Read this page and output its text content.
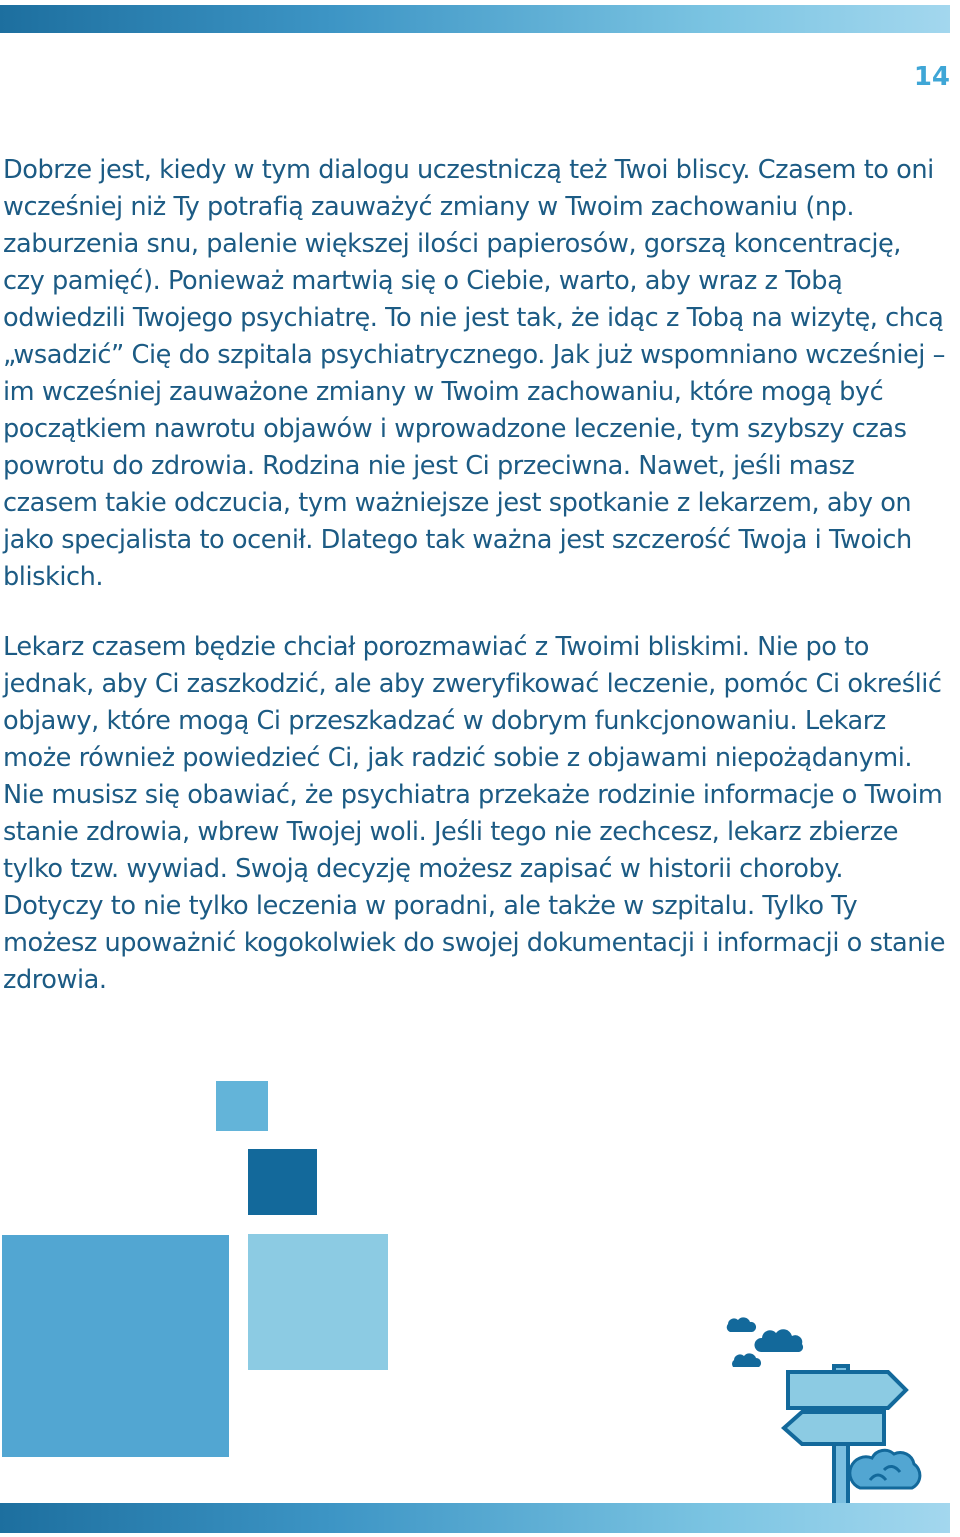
14

Dobrze jest, kiedy w tym dialogu uczestniczą też Twoi bliscy. Czasem to oni wcześniej niż Ty potrafią zauważyć zmiany w Twoim zachowaniu (np. zaburzenia snu, palenie większej ilości papierosów, gorszą koncentrację, czy pamięć). Ponieważ martwią się o Ciebie, warto, aby wraz z Tobą odwiedzili Twojego psychiatrę. To nie jest tak, że idąc z Tobą na wizytę, chcą „wsadzić” Cię do szpitala psychiatrycznego. Jak już wspomniano wcześniej – im wcześniej zauważone zmiany w Twoim zachowaniu, które mogą być początkiem nawrotu objawów i wprowadzone leczenie, tym szybszy czas powrotu do zdrowia. Rodzina nie jest Ci przeciwna. Nawet, jeśli masz czasem takie odczucia, tym ważniejsze jest spotkanie z lekarzem, aby on jako specjalista to ocenił. Dlatego tak ważna jest szczerość Twoja i Twoich bliskich.

Lekarz czasem będzie chciał porozmawiać z Twoimi bliskimi. Nie po to jednak, aby Ci zaszkodzić, ale aby zweryfikować leczenie, pomóc Ci określić objawy, które mogą Ci przeszkadzać w dobrym funkcjonowaniu. Lekarz może również powiedzieć Ci, jak radzić sobie z objawami niepożądanymi. Nie musisz się obawiać, że psychiatra przekaże rodzinie informacje o Twoim stanie zdrowia, wbrew Twojej woli. Jeśli tego nie zechcesz, lekarz zbierze tylko tzw. wywiad. Swoją decyzję możesz zapisać w historii choroby. Dotyczy to nie tylko leczenia w poradni, ale także w szpitalu. Tylko Ty możesz upoważnić kogokolwiek do swojej dokumentacji i informacji o stanie zdrowia.
